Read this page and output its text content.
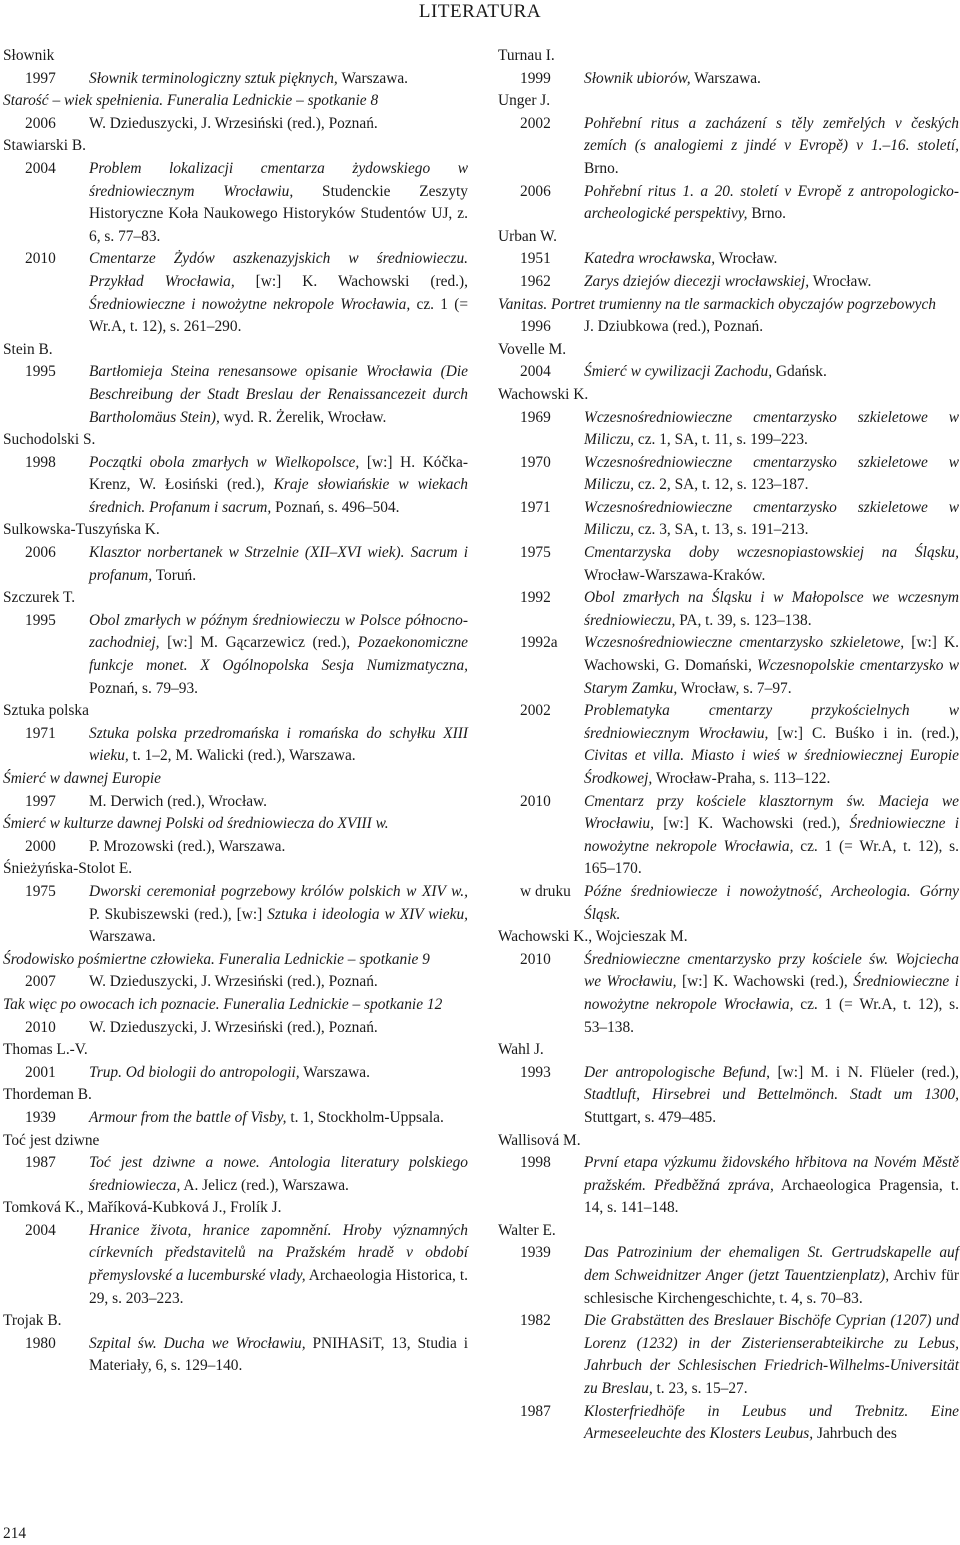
LITERATURA
Słownik
1997 Słownik terminologiczny sztuk pięknych, Warszawa.
Starość – wiek spełnienia. Funeralia Lednickie – spotkanie 8
2006 W. Dzieduszycki, J. Wrzesiński (red.), Poznań.
Stawiarski B.
2004 Problem lokalizacji cmentarza żydowskiego w średniowiecznym Wrocławiu, Studenckie Zeszyty Historyczne Koła Naukowego Historyków Studentów UJ, z. 6, s. 77–83.
2010 Cmentarze Żydów aszkenazyjskich w średniowieczu. Przykład Wrocławia, [w:] K. Wachowski (red.), Średniowieczne i nowożytne nekropole Wrocławia, cz. 1 (= Wr.A, t. 12), s. 261–290.
Stein B.
1995 Bartłomieja Steina renesansowe opisanie Wrocławia (Die Beschreibung der Stadt Breslau der Renaissancezeit durch Bartholomäus Stein), wyd. R. Żerelik, Wrocław.
Suchodolski S.
1998 Początki obola zmarłych w Wielkopolsce, [w:] H. Kóčka-Krenz, W. Łosiński (red.), Kraje słowiańskie w wiekach średnich. Profanum i sacrum, Poznań, s. 496–504.
Sulkowska-Tuszyńska K.
2006 Klasztor norbertanek w Strzelnie (XII–XVI wiek). Sacrum i profanum, Toruń.
Szczurek T.
1995 Obol zmarłych w późnym średniowieczu w Polsce północno-zachodniej, [w:] M. Gącarzewicz (red.), Pozaekonomiczne funkcje monet. X Ogólnopolska Sesja Numizmatyczna, Poznań, s. 79–93.
Sztuka polska
1971 Sztuka polska przedromańska i romańska do schyłku XIII wieku, t. 1–2, M. Walicki (red.), Warszawa.
Śmierć w dawnej Europie
1997 M. Derwich (red.), Wrocław.
Śmierć w kulturze dawnej Polski od średniowiecza do XVIII w.
2000 P. Mrozowski (red.), Warszawa.
Śnieżyńska-Stolot E.
1975 Dworski ceremoniał pogrzebowy królów polskich w XIV w., P. Skubiszewski (red.), [w:] Sztuka i ideologia w XIV wieku, Warszawa.
Środowisko pośmiertne człowieka. Funeralia Lednickie – spotkanie 9
2007 W. Dzieduszycki, J. Wrzesiński (red.), Poznań.
Tak więc po owocach ich poznacie. Funeralia Lednickie – spotkanie 12
2010 W. Dzieduszycki, J. Wrzesiński (red.), Poznań.
Thomas L.-V.
2001 Trup. Od biologii do antropologii, Warszawa.
Thordeman B.
1939 Armour from the battle of Visby, t. 1, Stockholm-Uppsala.
Toć jest dziwne
1987 Toć jest dziwne a nowe. Antologia literatury polskiego średniowiecza, A. Jelicz (red.), Warszawa.
Tomková K., Maříková-Kubková J., Frolík J.
2004 Hranice života, hranice zapomnění. Hroby významných církevních představitelů na Pražském hradě v období přemyslovské a lucemburské vlady, Archaeologia Historica, t. 29, s. 203–223.
Trojak B.
1980 Szpital św. Ducha we Wrocławiu, PNIHASiT, 13, Studia i Materiały, 6, s. 129–140.
Turnau I.
1999 Słownik ubiorów, Warszawa.
Unger J.
2002 Pohřební ritus a zacházení s těly zemřelých v českých zemích (s analogiemi z jindé v Evropě) v 1.–16. století, Brno.
2006 Pohřební ritus 1. a 20. století v Evropě z antropologicko-archeologické perspektivy, Brno.
Urban W.
1951 Katedra wrocławska, Wrocław.
1962 Zarys dziejów diecezji wrocławskiej, Wrocław.
Vanitas. Portret trumienny na tle sarmackich obyczajów pogrzebowych
1996 J. Dziubkowa (red.), Poznań.
Vovelle M.
2004 Śmierć w cywilizacji Zachodu, Gdańsk.
Wachowski K.
1969 Wczesnośredniowieczne cmentarzysko szkieletowe w Miliczu, cz. 1, SA, t. 11, s. 199–223.
1970 Wczesnośredniowieczne cmentarzysko szkieletowe w Miliczu, cz. 2, SA, t. 12, s. 123–187.
1971 Wczesnośredniowieczne cmentarzysko szkieletowe w Miliczu, cz. 3, SA, t. 13, s. 191–213.
1975 Cmentarzyska doby wczesnopiastowskiej na Śląsku, Wrocław-Warszawa-Kraków.
1992 Obol zmarłych na Śląsku i w Małopolsce we wczesnym średniowieczu, PA, t. 39, s. 123–138.
1992a Wczesnośredniowieczne cmentarzysko szkieletowe, [w:] K. Wachowski, G. Domański, Wczesnopolskie cmentarzysko w Starym Zamku, Wrocław, s. 7–97.
2002 Problematyka cmentarzy przykościelnych w średniowiecznym Wrocławiu, [w:] C. Buśko i in. (red.), Civitas et villa. Miasto i wieś w średniowiecznej Europie Środkowej, Wrocław-Praha, s. 113–122.
2010 Cmentarz przy kościele klasztornym św. Macieja we Wrocławiu, [w:] K. Wachowski (red.), Średniowieczne i nowożytne nekropole Wrocławia, cz. 1 (= Wr.A, t. 12), s. 165–170.
w druku Późne średniowiecze i nowożytność, Archeologia. Górny Śląsk.
Wachowski K., Wojcieszak M.
2010 Średniowieczne cmentarzysko przy kościele św. Wojciecha we Wrocławiu, [w:] K. Wachowski (red.), Średniowieczne i nowożytne nekropole Wrocławia, cz. 1 (= Wr.A, t. 12), s. 53–138.
Wahl J.
1993 Der antropologische Befund, [w:] M. i N. Flüeler (red.), Stadtluft, Hirsebrei und Bettelmönch. Stadt um 1300, Stuttgart, s. 479–485.
Wallisová M.
1998 První etapa výzkumu židovského hřbitova na Novém Městě pražském. Předběžná zpráva, Archaeologica Pragensia, t. 14, s. 141–148.
Walter E.
1939 Das Patrozinium der ehemaligen St. Gertrudskapelle auf dem Schweidnitzer Anger (jetzt Tauentzienplatz), Archiv für schlesische Kirchengeschichte, t. 4, s. 70–83.
1982 Die Grabstätten des Breslauer Bischöfe Cyprian (1207) und Lorenz (1232) in der Zisterienserabteikirche zu Lebus, Jahrbuch der Schlesischen Friedrich-Wilhelms-Universität zu Breslau, t. 23, s. 15–27.
1987 Klosterfriedhöfe in Leubus und Trebnitz. Eine Armeseeleuchte des Klosters Leubus, Jahrbuch des
214
